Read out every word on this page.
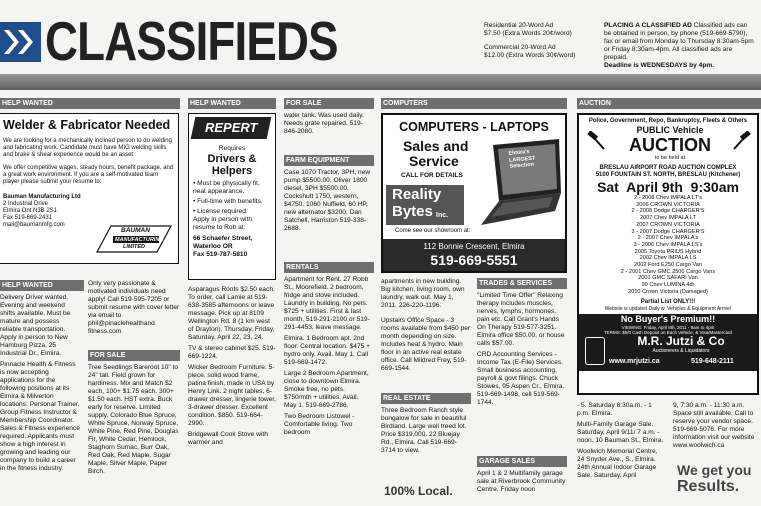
CLASSIFIEDS	Residential 20-Word Ad
$7.50 (Extra Words 20¢/word)
Commercial 20-Word Ad
$12.00 (Extra Words 30¢/word)
PLACING A CLASSIFIED AD Classified ads can be obtained in person, by phone (519-669-5790), fax or email from Monday to Thursday 8:30am-5pm or Friday 8:30am-4pm. All classified ads are prepaid.
Deadline is WEDNESDAYS by 4pm.
HELP WANTED
Welder & Fabricator Needed
We are looking for a mechanically inclined person to do welding and fabricating work. Candidate must have MIG welding skills and brake & shear experience would be an asset.
We offer competitive wages, steady hours, benefit package, and a great work environment. If you are a self-motivated team player please submit your resume to:
Bauman Manufacturing Ltd
2 Industrial Drive
Elmira Ont N3B 2S1
Fax 519-669-2431
mail@baumanmfg.com
BAUMAN
MANUFACTURING
LIMITED
HELP WANTED

Delivery Driver wanted. Evening and weekend shifts available. Must be mature and possess reliable transportation. Apply in person to New Hamburg Pizza, 25 Industrial Dr., Elmira.

Pinnacle Health & Fitness is now accepting applications for the following positions at its Elmira & Milverton locations: Personal Trainer, Group Fitness Instructor & Membership Coordinator. Sales & Fitness experience required. Applicants must show a high interest in growing and leading our company to build a career in the fitness industry.

Only very passionate & motivated individuals need apply! Call 519-595-7205 or submit resume with cover letter via email to phil@pinaclehealthand fitness.com

FOR SALE

Tree Seedlings Bareroot 10" to 24" tall. Field grown for hardiness. Mix and Match $2 each, 100+ $1.75 each. 300+ $1.50 each. HST extra. Buck early for reserve. Limited supply. Colorado Blue Spruce, White Spruce, Norway Spruce, White Pine, Red Pine, Douglas Fir, White Cedar, Hemlock, Staghorn Sumac, Burr Oak, Red Oak, Red Maple, Sugar Maple, Silver Maple, Paper Birch.

HELP WANTED
REPERT
Requires
Drivers &
Helpers
• Must be physically fit, neat appearance.
• Full-time with benefits.
• License required.
Apply in person with resume to Rob at:
66 Schaefer Street,
Waterloo OR
Fax 519-787-5810

Asparagus Roots $2.50 each. To order, call Lamie at 519-638-3585 afternoons or leave message. Pick up at 8109 Wellington Rd. 8 (1 km west of Drayton). Thursday, Friday, Saturday, April 22, 23, 24.

TV & stereo cabinet $25. 519-669-1224.

Wicker Bedroom Furniture. 5-piece, solid wood frame, patina finish, made in USA by Henry Link. 2 night tables, 6-drawer dresser, lingerie tower, 3-drawer dresser. Excellent condition. $850. 519-664-2990.

Bridgewall Cook Stove with warmer and

FOR SALE

water tank. Was used daily. Needs grate repaired. 519-846-2080.

FARM EQUIPMENT

Case 1070 Tractor, 3PH, new pump $5500.00. Oliver 1800 diesel, 3PH $5500.00. Cockshutt 1750, western, $4750. 1060 Nuffield, 60 HP, new alternator $3200. Dan Satchell, Harriston 519-338-2688.

RENTALS

Apartment for Rent. 27 Robb St., Moorefield. 2 bedroom, fridge and stove included. Laundry in building. No pets. $725 + utilities. First & last month. 519-291-2100 or 519-291-4453, leave message.

Elmira. 1 Bedroom apt. 2nd floor. Central location. $475 + hydro only. Avail. May 1. Call 519-669-1472.

Large 2 Bedroom Apartment, close to downtown Elmira. Smoke free, no pets. $750/mth + utilities. Avail. May 1. 519-669-2786.

Two Bedroom Listowel - Comfortable living. Two bedroom

COMPUTERS
COMPUTERS - LAPTOPS
Sales and
Service
CALL FOR DETAILS
Reality
Bytes Inc.
Elmira's LARGEST Selection
Come see our showroom at:
112 Bonnie Crescent, Elmira
519-669-5551

apartments in new building. Big kitchen, living room, own laundry, walk out. May 1, 2011. 226-220-1196.

Upstairs Office Space - 3 rooms available from $450 per month depending on size. Includes heat & hydro. Main floor in an active real estate office. Call Mildred Frey, 519-669-1544.

REAL ESTATE

Three Bedroom Ranch style bungalow for sale in beautiful Birdland. Large well treed lot. Price $319,000. 22 Bluejay Rd., Elmira. Call 519-669-3714 to view.

100% Local.
TRADES & SERVICES

"Limited Time Offer" Relaxing therapy includes muscles, nerves, lymphs, hormones, pain etc. Call Grant's Hands On Therapy 519-577-3251. Elmira office $50.00, or house calls $57.00.

CRD Accounting Services - Income Tax (E-File) Services. Small business accounting, payroll & govt filings. Chuck Stowes, 95 Aspen Cr., Elmira. 519-669-1498, cell 519-569-1744.

GARAGE SALES

April 1 & 2 Multifamily garage sale at Riverbrook Community Centre. Friday noon

AUCTION
Police, Government, Repo, Bankruptcy, Fleets & Others
PUBLIC Vehicle
AUCTION
to be held at
BRESLAU AIRPORT ROAD AUCTION COMPLEX
5100 FOUNTAIN ST. NORTH, BRESLAU (Kitchener)
Sat  April 9th  9:30am
2 - 2008 Chev IMPALA LT's
2006 CROWN VICTORIA
2 - 2008 Dodge CHARGER'S
2007 Chev IMPALA LT
2007 CROWN VICTORIA
3 - 2007 Dodge CHARGER'S
2 - 2007 Chev IMPALA's
3 - 2006 Chev IMPALA LS's
2005 Toyota PRIUS Hybrid
2002 Chev IMPALA LS
2002 Ford E250 Cargo Van
2 - 2001 Chev GMC 2500 Cargo Vans
2001 GMC SAFARI Van
99 Chev LUMINA 4dr
2010 Crown Victoria (Damaged)
Partial List ONLY!!!
Website is updated Daily w. Vehicles & Equipment Arrive!
No Buyer's Premium!!
VIEWING: Friday, April 8th, 2011 - 9am to 4pm
TERMS: $5/0 Cash Deposit on Each Vehicle, & Visa/Mastercard
M.R. Jutzi & Co
Auctioneers & Liquidators
www.mrjutzi.ca	519-648-2111

- 5. Saturday 8:30a.m. - 1 p.m. Elmira.

Multi-Family Garage Sale. Saturday, April 9/11/ 7 a.m. - noon. 10 Bauman St., Elmira.

Woolwich Memorial Centre, 24 Snyder Ave., S., Elmira. 24th Annual Indoor Garage Sale. Saturday, April

9, 7:30 a.m. - 11:30 a.m. Space still available. Call to reserve your vendor space. 519-669-5076. For more information visit our website www.woolwich.ca

We get you
Results.
